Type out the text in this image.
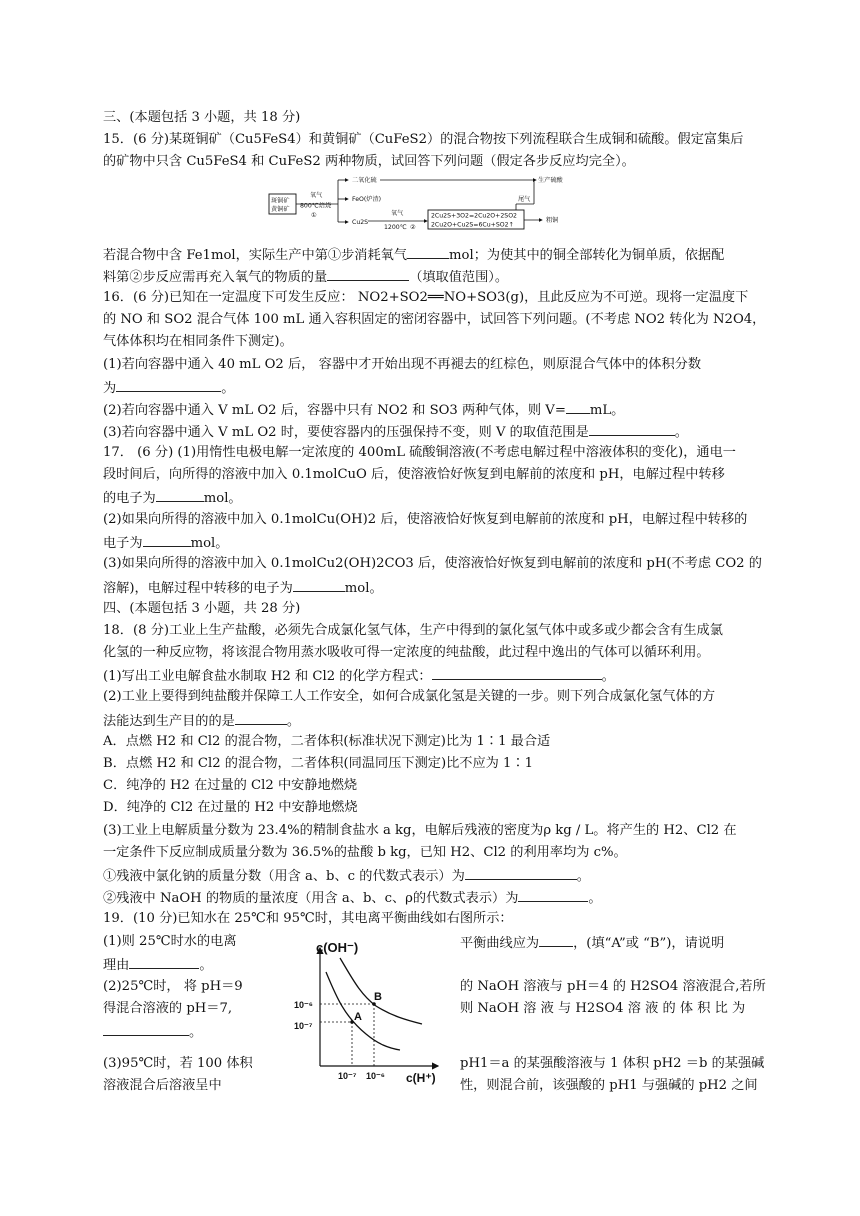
三、(本题包括 3 小题，共 18 分)
15．(6 分)某斑铜矿（Cu5FeS4）和黄铜矿（CuFeS2）的混合物按下列流程联合生成铜和硫酸。假定富集后
的矿物中只含 Cu5FeS4 和 CuFeS2 两种物质，试回答下列问题（假定各步反应均完全）。
斑铜矿
黄铜矿
氧气
800℃焙烧
①
二氧化硫
FeO(炉渣)
Cu2S
生产硫酸
氧气
1200℃ ②
2Cu2S+3O2=2Cu2O+2SO2
2Cu2O+Cu2S=6Cu+SO2↑
尾气
粗铜
若混合物中含 Fe1mol，实际生产中第①步消耗氧气	mol；为使其中的铜全部转化为铜单质，依据配
料第②步反应需再充入氧气的物质的量	（填取值范围）。
16．(6 分)已知在一定温度下可发生反应： NO2+SO2══NO+SO3(g)，且此反应为不可逆。现将一定温度下
的 NO 和 SO2 混合气体 100 mL 通入容积固定的密闭容器中，试回答下列问题。(不考虑 NO2 转化为 N2O4，
气体体积均在相同条件下测定)。
(1)若向容器中通入 40 mL O2 后， 容器中才开始出现不再褪去的红棕色，则原混合气体中的体积分数
为	。
(2)若向容器中通入 V mL O2 后，容器中只有 NO2 和 SO3 两种气体，则 V= mL。
(3)若向容器中通入 V mL O2 时，要使容器内的压强保持不变，则 V 的取值范围是	。
17． (6 分) (1)用惰性电极电解一定浓度的 400mL 硫酸铜溶液(不考虑电解过程中溶液体积的变化)，通电一
段时间后，向所得的溶液中加入 0.1molCuO 后，使溶液恰好恢复到电解前的浓度和 pH，电解过程中转移
的电子为	mol。
(2)如果向所得的溶液中加入 0.1molCu(OH)2 后，使溶液恰好恢复到电解前的浓度和 pH，电解过程中转移的
电子为	mol。
(3)如果向所得的溶液中加入 0.1molCu2(OH)2CO3 后，使溶液恰好恢复到电解前的浓度和 pH(不考虑 CO2 的
溶解)，电解过程中转移的电子为	mol。
四、(本题包括 3 小题，共 28 分)
18．(8 分)工业上生产盐酸，必须先合成氯化氢气体，生产中得到的氯化氢气体中或多或少都会含有生成氯
化氢的一种反应物，将该混合物用蒸水吸收可得一定浓度的纯盐酸，此过程中逸出的气体可以循环利用。
(1)写出工业电解食盐水制取 H2 和 Cl2 的化学方程式：	。
(2)工业上要得到纯盐酸并保障工人工作安全，如何合成氯化氢是关键的一步。则下列合成氯化氢气体的方
法能达到生产目的的是	。
A．点燃 H2 和 Cl2 的混合物，二者体积(标准状况下测定)比为 1∶1 最合适
B．点燃 H2 和 Cl2 的混合物，二者体积(同温同压下测定)比不应为 1∶1
C．纯净的 H2 在过量的 Cl2 中安静地燃烧
D．纯净的 Cl2 在过量的 H2 中安静地燃烧
(3)工业上电解质量分数为 23.4%的精制食盐水 a kg，电解后残液的密度为ρ kg / L。将产生的 H2、Cl2 在
一定条件下反应制成质量分数为 36.5%的盐酸 b kg，已知 H2、Cl2 的利用率均为 c%。
①残液中氯化钠的质量分数（用含 a、b、c 的代数式表示）为	。
②残液中 NaOH 的物质的量浓度（用含 a、b、c、ρ的代数式表示）为	。
19．(10 分)已知水在 25℃和 95℃时，其电离平衡曲线如右图所示：
(1)则 25℃时水的电离	平衡曲线应为	，(填“A”或 “B”)，请说明
理由	。
(2)25℃时， 将 pH＝9	的 NaOH 溶液与 pH＝4 的 H2SO4 溶液混合,若所
得混合溶液的 pH＝7,	则 NaOH 溶 液 与 H2SO4 溶 液 的 体 积 比 为
。
(3)95℃时，若 100 体积	pH1＝a 的某强酸溶液与 1 体积 pH2 ＝b 的某强碱
溶液混合后溶液呈中	性，则混合前，该强酸的 pH1 与强碱的 pH2 之间
c(OH⁻)
c(H⁺)
10⁻⁶
10⁻⁷
10⁻⁷ 10⁻⁶
A
B
